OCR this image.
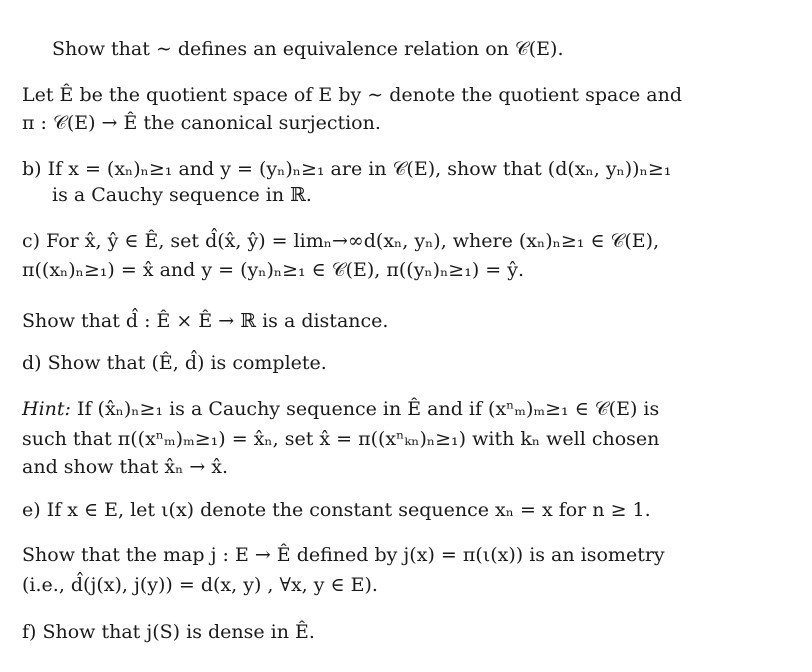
Show that ∼ defines an equivalence relation on 𝒞(E).
Let Ê be the quotient space of E by ∼ denote the quotient space and
π : 𝒞(E) → Ê the canonical surjection.
b) If x = (xₙ)ₙ≥₁ and y = (yₙ)ₙ≥₁ are in 𝒞(E), show that (d(xₙ, yₙ))ₙ≥₁
is a Cauchy sequence in ℝ.
c) For x̂, ŷ ∈ Ê, set d̂(x̂, ŷ) = limₙ→∞d(xₙ, yₙ), where (xₙ)ₙ≥₁ ∈ 𝒞(E),
π((xₙ)ₙ≥₁) = x̂ and y = (yₙ)ₙ≥₁ ∈ 𝒞(E), π((yₙ)ₙ≥₁) = ŷ.
Show that d̂ : Ê × Ê → ℝ is a distance.
d) Show that (Ê, d̂) is complete.
Hint: If (x̂ₙ)ₙ≥₁ is a Cauchy sequence in Ê and if (xⁿₘ)ₘ≥₁ ∈ 𝒞(E) is
such that π((xⁿₘ)ₘ≥₁) = x̂ₙ, set x̂ = π((xⁿₖₙ)ₙ≥₁) with kₙ well chosen
and show that x̂ₙ → x̂.
e) If x ∈ E, let ι(x) denote the constant sequence xₙ = x for n ≥ 1.
Show that the map j : E → Ê defined by j(x) = π(ι(x)) is an isometry
(i.e., d̂(j(x), j(y)) = d(x, y) , ∀x, y ∈ E).
f) Show that j(S) is dense in Ê.
